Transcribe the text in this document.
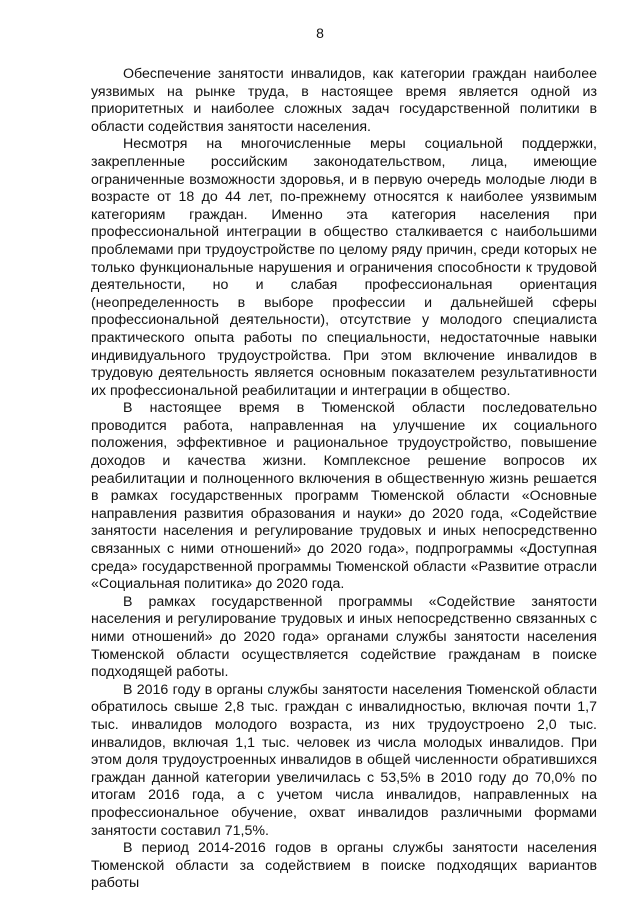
8

Обеспечение занятости инвалидов, как категории граждан наиболее уязвимых на рынке труда, в настоящее время является одной из приоритетных и наиболее сложных задач государственной политики в области содействия занятости населения.

Несмотря на многочисленные меры социальной поддержки, закрепленные российским законодательством, лица, имеющие ограниченные возможности здоровья, и в первую очередь молодые люди в возрасте от 18 до 44 лет, по-прежнему относятся к наиболее уязвимым категориям граждан. Именно эта категория населения при профессиональной интеграции в общество сталкивается с наибольшими проблемами при трудоустройстве по целому ряду причин, среди которых не только функциональные нарушения и ограничения способности к трудовой деятельности, но и слабая профессиональная ориентация (неопределенность в выборе профессии и дальнейшей сферы профессиональной деятельности), отсутствие у молодого специалиста практического опыта работы по специальности, недостаточные навыки индивидуального трудоустройства. При этом включение инвалидов в трудовую деятельность является основным показателем результативности их профессиональной реабилитации и интеграции в общество.

В настоящее время в Тюменской области последовательно проводится работа, направленная на улучшение их социального положения, эффективное и рациональное трудоустройство, повышение доходов и качества жизни. Комплексное решение вопросов их реабилитации и полноценного включения в общественную жизнь решается в рамках государственных программ Тюменской области «Основные направления развития образования и науки» до 2020 года, «Содействие занятости населения и регулирование трудовых и иных непосредственно связанных с ними отношений» до 2020 года», подпрограммы «Доступная среда» государственной программы Тюменской области «Развитие отрасли «Социальная политика» до 2020 года.

В рамках государственной программы «Содействие занятости населения и регулирование трудовых и иных непосредственно связанных с ними отношений» до 2020 года» органами службы занятости населения Тюменской области осуществляется содействие гражданам в поиске подходящей работы.

В 2016 году в органы службы занятости населения Тюменской области обратилось свыше 2,8 тыс. граждан с инвалидностью, включая почти 1,7 тыс. инвалидов молодого возраста, из них трудоустроено 2,0 тыс. инвалидов, включая 1,1 тыс. человек из числа молодых инвалидов. При этом доля трудоустроенных инвалидов в общей численности обратившихся граждан данной категории увеличилась с 53,5% в 2010 году до 70,0% по итогам 2016 года, а с учетом числа инвалидов, направленных на профессиональное обучение, охват инвалидов различными формами занятости составил 71,5%.

В период 2014-2016 годов в органы службы занятости населения Тюменской области за содействием в поиске подходящих вариантов работы
